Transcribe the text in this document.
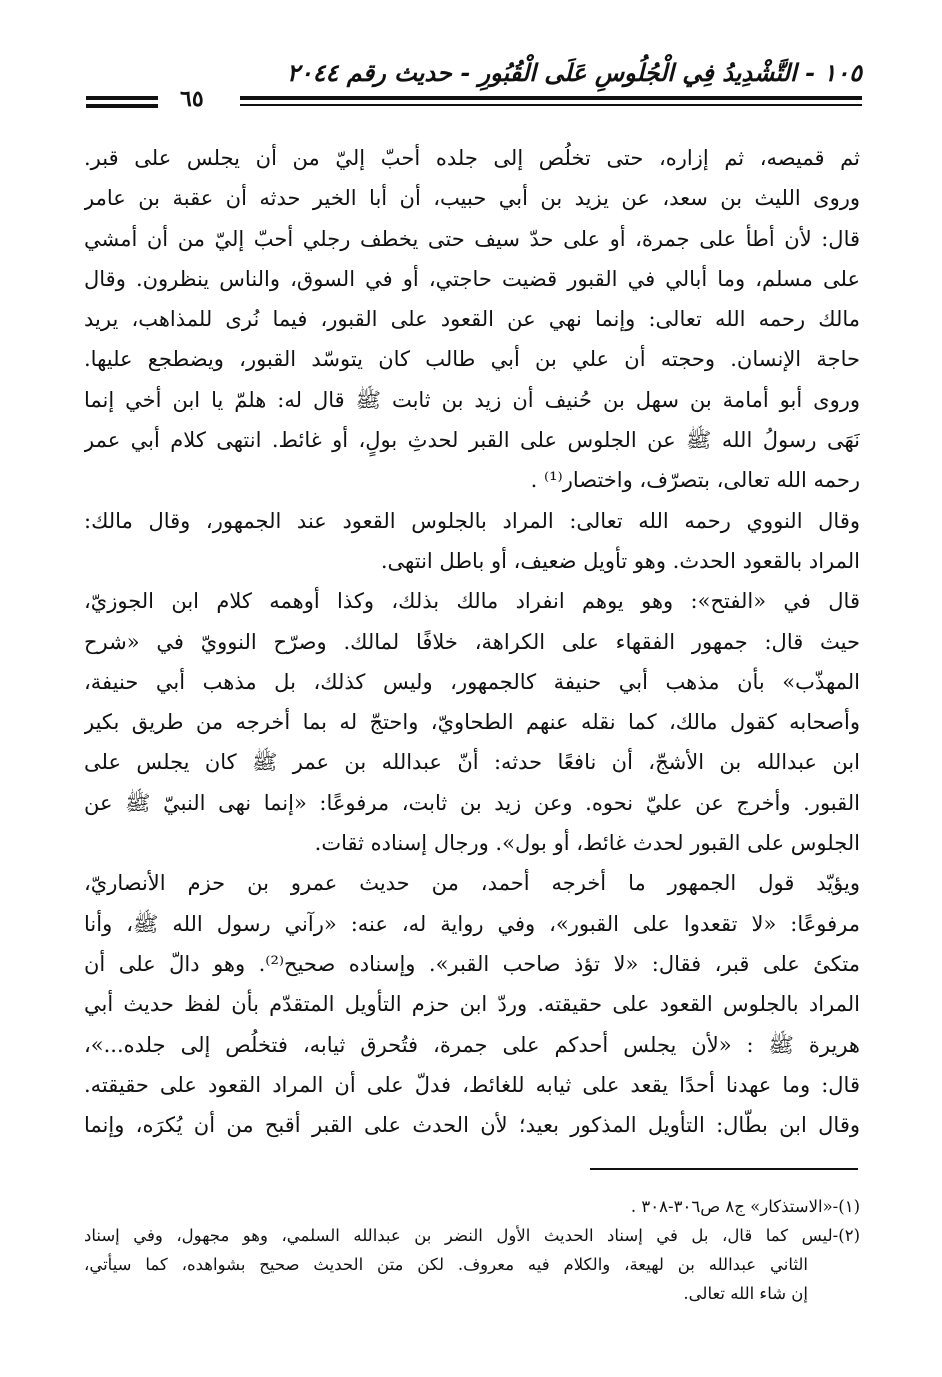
١٠٥ - التَّشْدِيدُ فِي الْجُلُوسِ عَلَى الْقُبُورِ - حديث رقم ٢٠٤٤
٦٥
ثم قميصه، ثم إزاره، حتى تخلُص إلى جلده أحبّ إليّ من أن يجلس على قبر.
وروى الليث بن سعد، عن يزيد بن أبي حبيب، أن أبا الخير حدثه أن عقبة بن عامر
قال: لأن أطأ على جمرة، أو على حدّ سيف حتى يخطف رجلي أحبّ إليّ من أن أمشي
على مسلم، وما أبالي في القبور قضيت حاجتي، أو في السوق، والناس ينظرون. وقال
مالك رحمه الله تعالى: وإنما نهي عن القعود على القبور، فيما نُرى للمذاهب، يريد
حاجة الإنسان. وحجته أن علي بن أبي طالب كان يتوسّد القبور، ويضطجع عليها.
وروى أبو أمامة بن سهل بن حُنيف أن زيد بن ثابت ﷺ قال له: هلمّ يا ابن أخي إنما
نَهَى رسولُ الله ﷺ عن الجلوس على القبر لحدثِ بولٍ، أو غائط. انتهى كلام أبي عمر
رحمه الله تعالى، بتصرّف، واختصار⁽¹⁾ .
وقال النووي رحمه الله تعالى: المراد بالجلوس القعود عند الجمهور، وقال مالك:
المراد بالقعود الحدث. وهو تأويل ضعيف، أو باطل انتهى.
قال في «الفتح»: وهو يوهم انفراد مالك بذلك، وكذا أوهمه كلام ابن الجوزيّ،
حيث قال: جمهور الفقهاء على الكراهة، خلافًا لمالك. وصرّح النوويّ في «شرح
المهذّب» بأن مذهب أبي حنيفة كالجمهور، وليس كذلك، بل مذهب أبي حنيفة،
وأصحابه كقول مالك، كما نقله عنهم الطحاويّ، واحتجّ له بما أخرجه من طريق بكير
ابن عبدالله بن الأشجّ، أن نافعًا حدثه: أنّ عبدالله بن عمر ﷺ كان يجلس على
القبور. وأخرج عن عليّ نحوه. وعن زيد بن ثابت، مرفوعًا: «إنما نهى النبيّ ﷺ عن
الجلوس على القبور لحدث غائط، أو بول». ورجال إسناده ثقات.
ويؤيّد قول الجمهور ما أخرجه أحمد، من حديث عمرو بن حزم الأنصاريّ،
مرفوعًا: «لا تقعدوا على القبور»، وفي رواية له، عنه: «رآني رسول الله ﷺ، وأنا
متكئ على قبر، فقال: «لا تؤذ صاحب القبر». وإسناده صحيح⁽²⁾. وهو دالّ على أن
المراد بالجلوس القعود على حقيقته. وردّ ابن حزم التأويل المتقدّم بأن لفظ حديث أبي
هريرة ﷺ : «لأن يجلس أحدكم على جمرة، فتُحرق ثيابه، فتخلُص إلى جلده...»،
قال: وما عهدنا أحدًا يقعد على ثيابه للغائط، فدلّ على أن المراد القعود على حقيقته.
وقال ابن بطّال: التأويل المذكور بعيد؛ لأن الحدث على القبر أقبح من أن يُكرَه، وإنما
(١)-«الاستذكار» ج٨ ص٣٠٦-٣٠٨ .
(٢)-ليس كما قال، بل في إسناد الحديث الأول النضر بن عبدالله السلمي، وهو مجهول، وفي إسناد
الثاني عبدالله بن لهيعة، والكلام فيه معروف. لكن متن الحديث صحيح بشواهده، كما سيأتي،
إن شاء الله تعالى.
